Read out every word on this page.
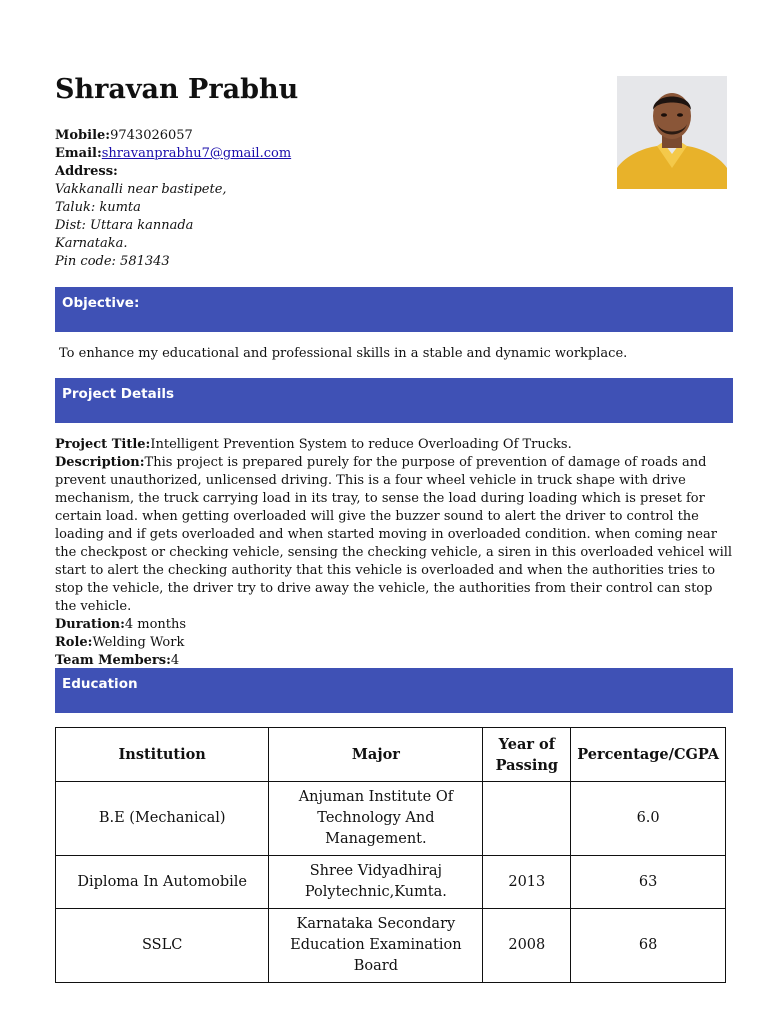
Shravan Prabhu
Mobile:9743026057
Email:shravanprabhu7@gmail.com
Address:
Vakkanalli near bastipete,
Taluk: kumta
Dist: Uttara kannada
Karnataka.
Pin code: 581343
Objective:

To enhance my educational and professional skills in a stable and dynamic workplace.

Project Details
Project Title:Intelligent Prevention System to reduce Overloading Of Trucks.
Description:This project is prepared purely for the purpose of prevention of damage of roads and prevent unauthorized, unlicensed driving. This is a four wheel vehicle in truck shape with drive mechanism, the truck carrying load in its tray, to sense the load during loading which is preset for certain load. when getting overloaded will give the buzzer sound to alert the driver to control the loading and if gets overloaded and when started moving in overloaded condition. when coming near the checkpost or checking vehicle, sensing the checking vehicle, a siren in this overloaded vehicel will start to alert the checking authority that this vehicle is overloaded and when the authorities tries to stop the vehicle, the driver try to drive away the vehicle, the authorities from their control can stop the vehicle.
Duration:4 months
Role:Welding Work
Team Members:4
Education
Institution	Major	Year of Passing	Percentage/CGPA
B.E (Mechanical)	Anjuman Institute Of Technology And Management.		6.0
Diploma In Automobile	Shree Vidyadhiraj Polytechnic,Kumta.	2013	63
SSLC	Karnataka Secondary Education Examination Board	2008	68
